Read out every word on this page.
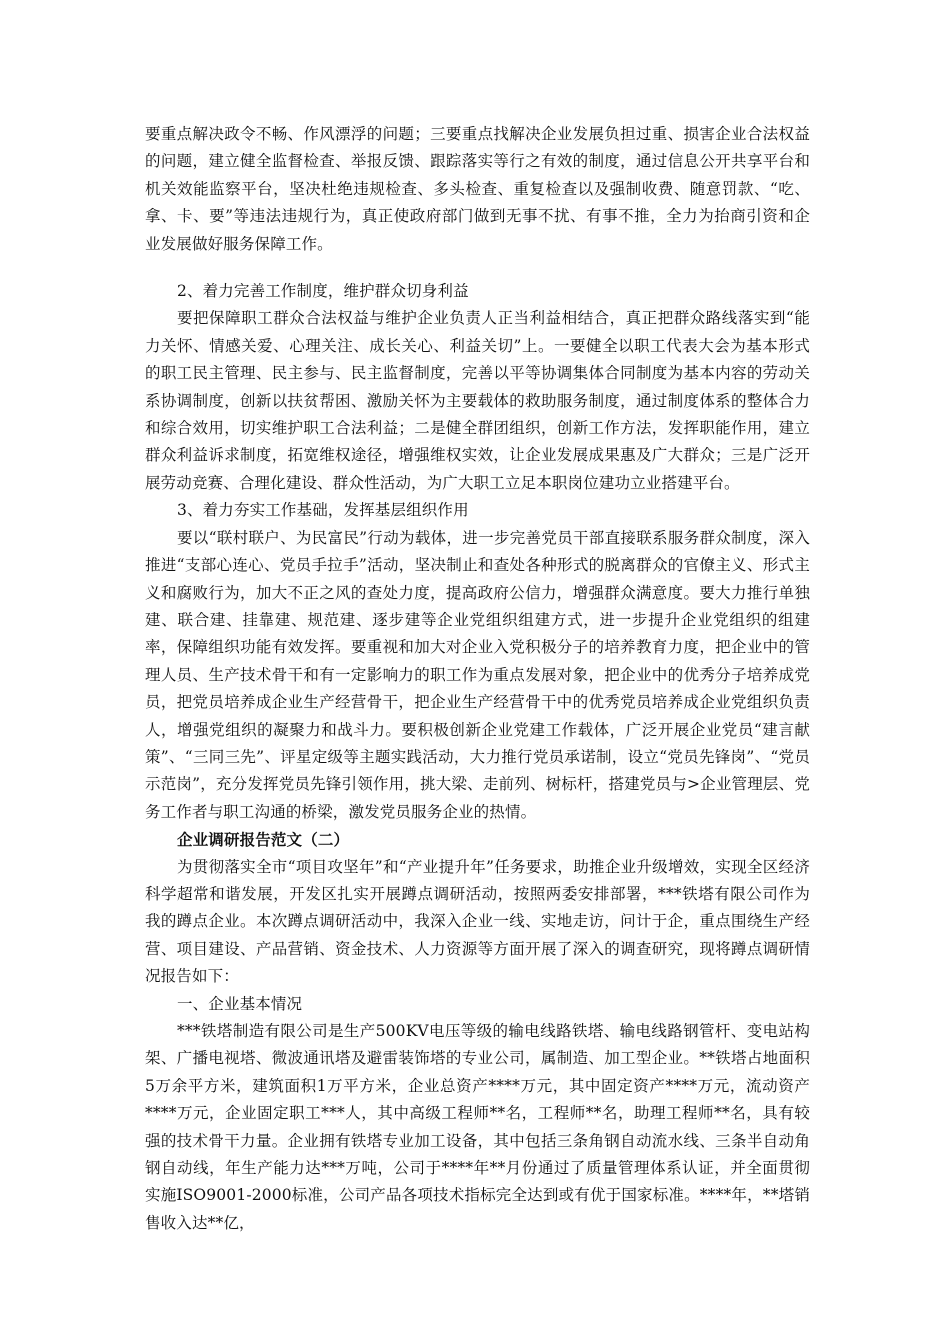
要重点解决政令不畅、作风漂浮的问题；三要重点找解决企业发展负担过重、损害企业合法权益的问题，建立健全监督检查、举报反馈、跟踪落实等行之有效的制度，通过信息公开共享平台和机关效能监察平台，坚决杜绝违规检查、多头检查、重复检查以及强制收费、随意罚款、“吃、拿、卡、要”等违法违规行为，真正使政府部门做到无事不扰、有事不推，全力为抬商引资和企业发展做好服务保障工作。

2、着力完善工作制度，维护群众切身利益

要把保障职工群众合法权益与维护企业负责人正当利益相结合，真正把群众路线落实到“能力关怀、情感关爱、心理关注、成长关心、利益关切”上。一要健全以职工代表大会为基本形式的职工民主管理、民主参与、民主监督制度，完善以平等协调集体合同制度为基本内容的劳动关系协调制度，创新以扶贫帮困、激励关怀为主要载体的救助服务制度，通过制度体系的整体合力和综合效用，切实维护职工合法利益；二是健全群团组织，创新工作方法，发挥职能作用，建立群众利益诉求制度，拓宽维权途径，增强维权实效，让企业发展成果惠及广大群众；三是广泛开展劳动竞赛、合理化建设、群众性活动，为广大职工立足本职岗位建功立业搭建平台。

3、着力夯实工作基础，发挥基层组织作用

要以“联村联户、为民富民”行动为载体，进一步完善党员干部直接联系服务群众制度，深入推进“支部心连心、党员手拉手”活动，坚决制止和查处各种形式的脱离群众的官僚主义、形式主义和腐败行为，加大不正之风的查处力度，提高政府公信力，增强群众满意度。要大力推行单独建、联合建、挂靠建、规范建、逐步建等企业党组织组建方式，进一步提升企业党组织的组建率，保障组织功能有效发挥。要重视和加大对企业入党积极分子的培养教育力度，把企业中的管理人员、生产技术骨干和有一定影响力的职工作为重点发展对象，把企业中的优秀分子培养成党员，把党员培养成企业生产经营骨干，把企业生产经营骨干中的优秀党员培养成企业党组织负责人，增强党组织的凝聚力和战斗力。要积极创新企业党建工作载体，广泛开展企业党员“建言献策”、“三同三先”、评星定级等主题实践活动，大力推行党员承诺制，设立“党员先锋岗”、“党员示范岗”，充分发挥党员先锋引领作用，挑大梁、走前列、树标杆，搭建党员与>企业管理层、党务工作者与职工沟通的桥梁，激发党员服务企业的热情。

企业调研报告范文（二）

为贯彻落实全市“项目攻坚年”和“产业提升年”任务要求，助推企业升级增效，实现全区经济科学超常和谐发展，开发区扎实开展蹲点调研活动，按照两委安排部署，***铁塔有限公司作为我的蹲点企业。本次蹲点调研活动中，我深入企业一线、实地走访，问计于企，重点围绕生产经营、项目建设、产品营销、资金技术、人力资源等方面开展了深入的调查研究，现将蹲点调研情况报告如下：

一、企业基本情况

***铁塔制造有限公司是生产500KV电压等级的输电线路铁塔、输电线路钢管杆、变电站构架、广播电视塔、微波通讯塔及避雷装饰塔的专业公司，属制造、加工型企业。**铁塔占地面积5万余平方米，建筑面积1万平方米，企业总资产****万元，其中固定资产****万元，流动资产****万元，企业固定职工***人，其中高级工程师**名，工程师**名，助理工程师**名，具有较强的技术骨干力量。企业拥有铁塔专业加工设备，其中包括三条角钢自动流水线、三条半自动角钢自动线，年生产能力达***万吨，公司于****年**月份通过了质量管理体系认证，并全面贯彻实施ISO9001-2000标准，公司产品各项技术指标完全达到或有优于国家标准。****年，**塔销售收入达**亿，
